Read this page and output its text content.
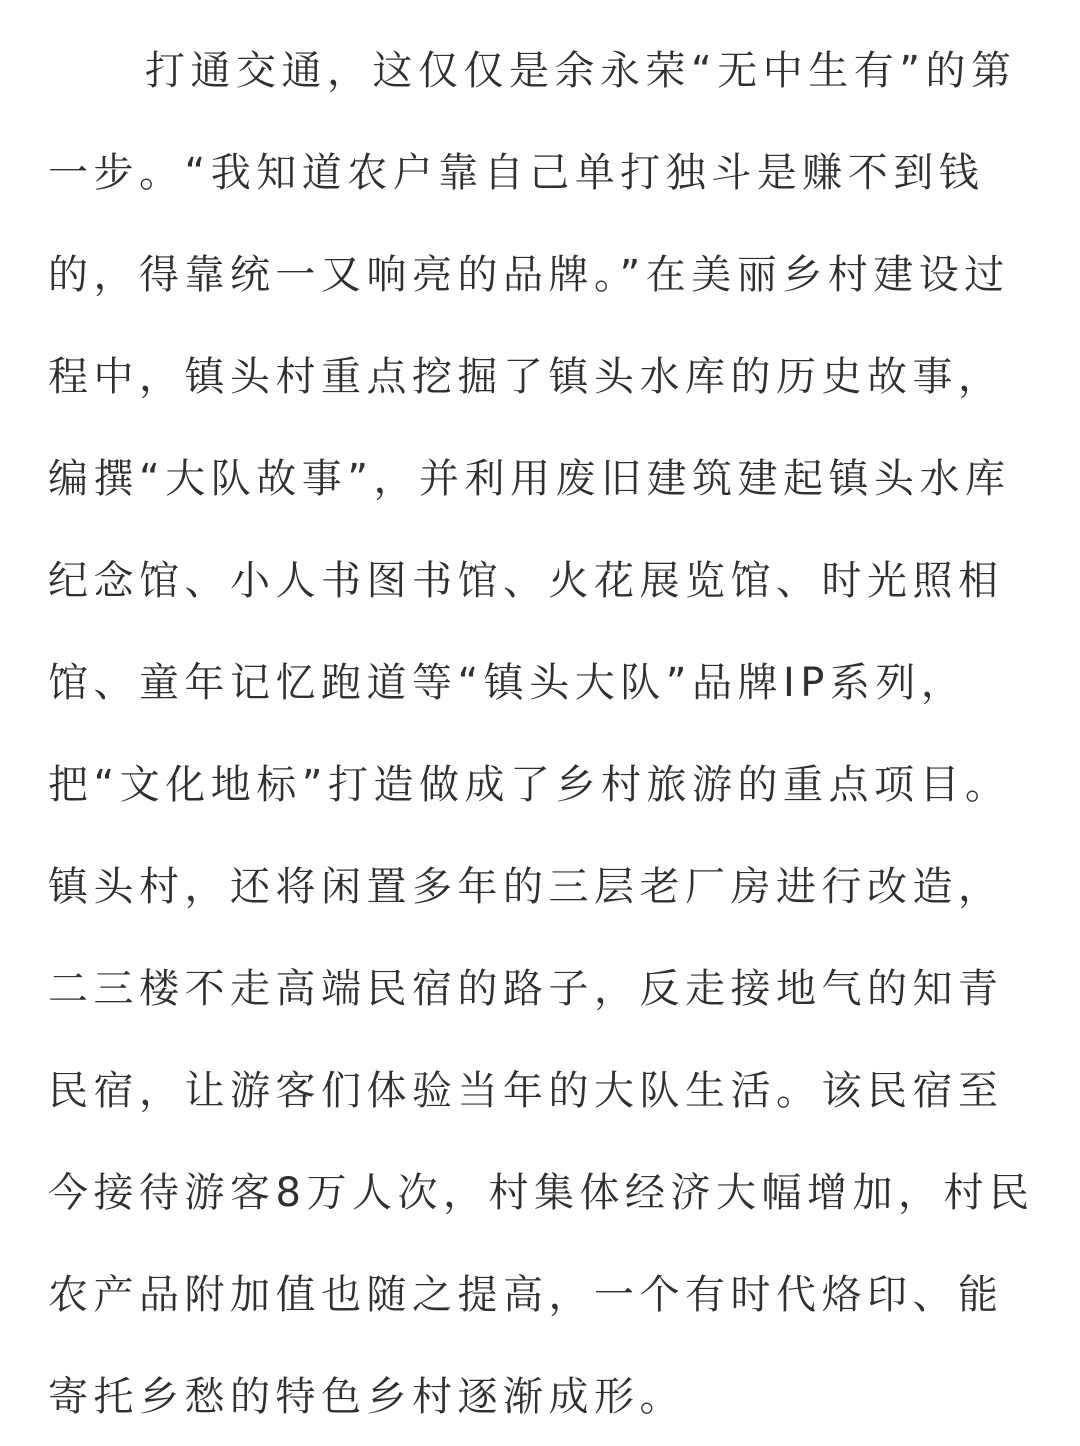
打通交通，这仅仅是余永荣“无中生有”的第
一步。“我知道农户靠自己单打独斗是赚不到钱
的，得靠统一又响亮的品牌。”在美丽乡村建设过
程中，镇头村重点挖掘了镇头水库的历史故事，
编撰“大队故事”，并利用废旧建筑建起镇头水库
纪念馆、小人书图书馆、火花展览馆、时光照相
馆、童年记忆跑道等“镇头大队”品牌IP系列，
把“文化地标”打造做成了乡村旅游的重点项目。
镇头村，还将闲置多年的三层老厂房进行改造，
二三楼不走高端民宿的路子，反走接地气的知青
民宿，让游客们体验当年的大队生活。该民宿至
今接待游客8万人次，村集体经济大幅增加，村民
农产品附加值也随之提高，一个有时代烙印、能
寄托乡愁的特色乡村逐渐成形。
